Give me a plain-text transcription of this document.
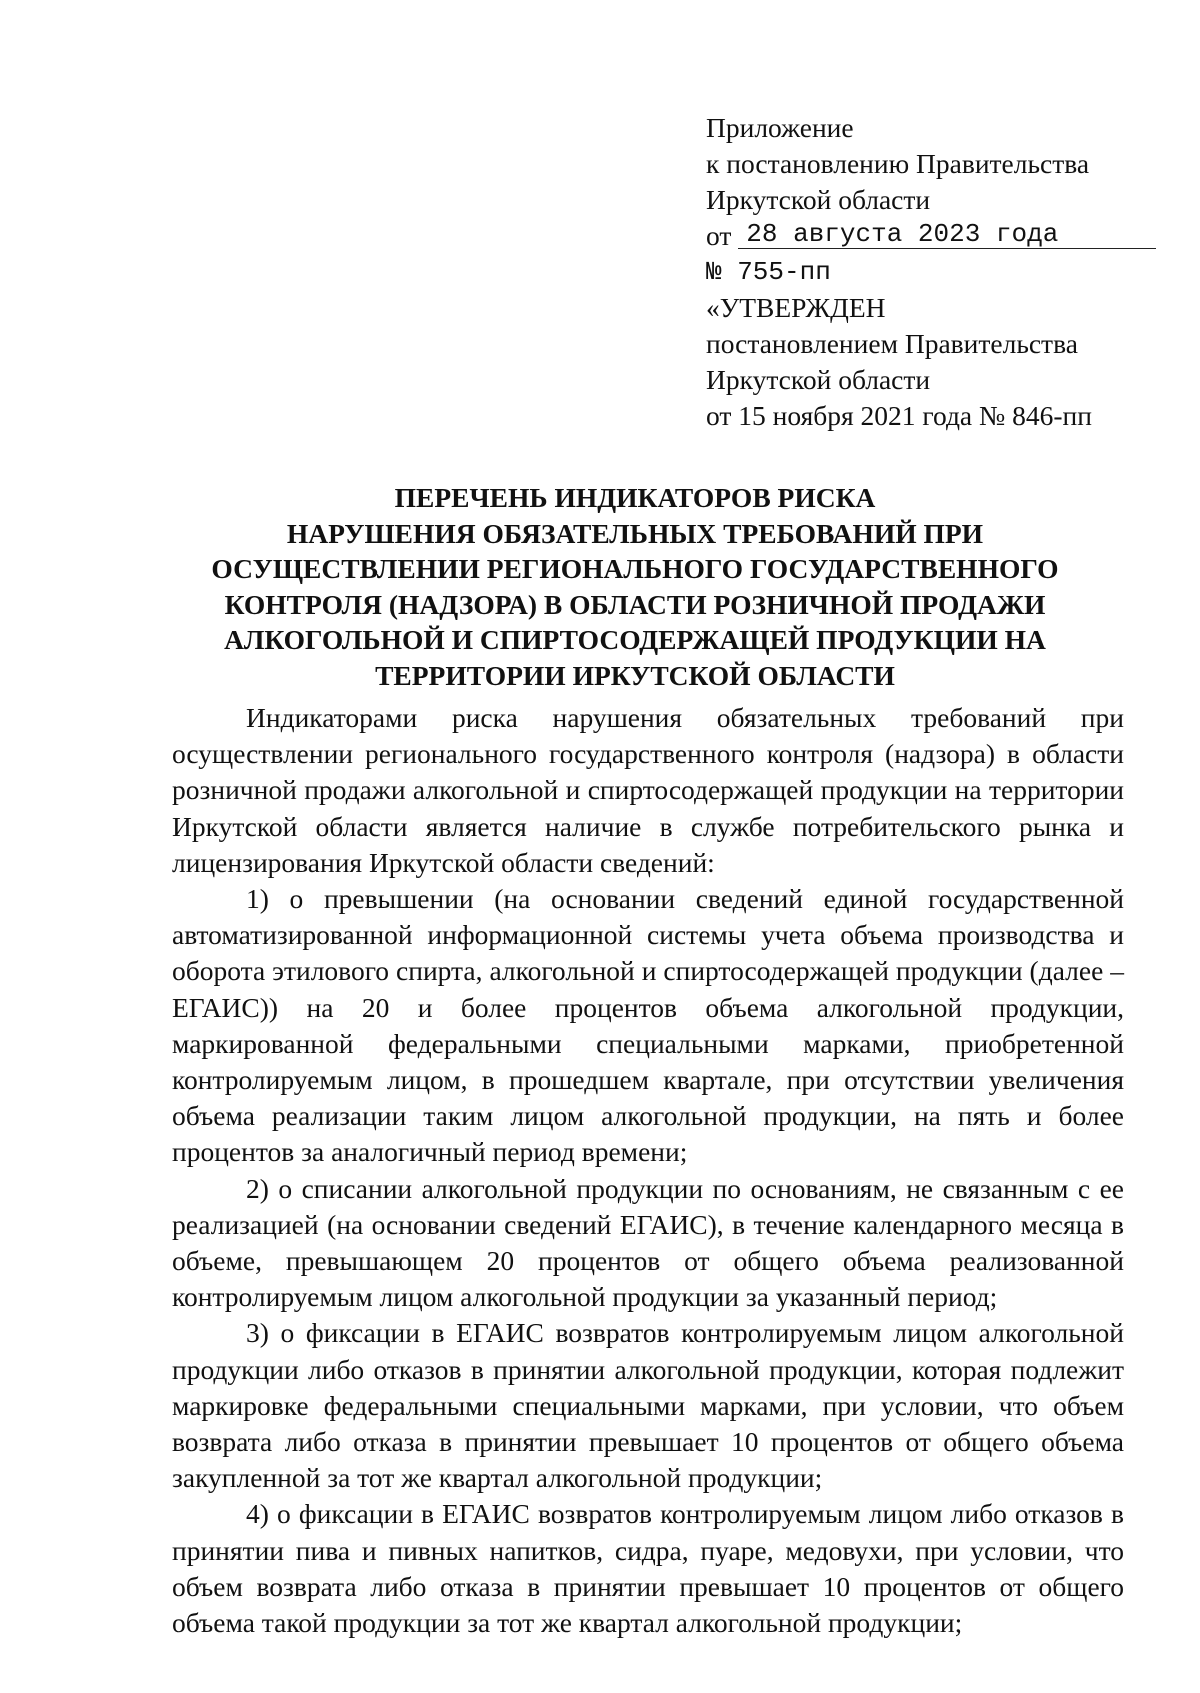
Приложение
к постановлению Правительства
Иркутской области
от 28 августа 2023 года
№ 755-пп
«УТВЕРЖДЕН
постановлением Правительства
Иркутской области
от 15 ноября 2021 года № 846-пп
ПЕРЕЧЕНЬ ИНДИКАТОРОВ РИСКА
НАРУШЕНИЯ ОБЯЗАТЕЛЬНЫХ ТРЕБОВАНИЙ ПРИ
ОСУЩЕСТВЛЕНИИ РЕГИОНАЛЬНОГО ГОСУДАРСТВЕННОГО
КОНТРОЛЯ (НАДЗОРА) В ОБЛАСТИ РОЗНИЧНОЙ ПРОДАЖИ
АЛКОГОЛЬНОЙ И СПИРТОСОДЕРЖАЩЕЙ ПРОДУКЦИИ НА
ТЕРРИТОРИИ ИРКУТСКОЙ ОБЛАСТИ

Индикаторами риска нарушения обязательных требований при осуществлении регионального государственного контроля (надзора) в области розничной продажи алкогольной и спиртосодержащей продукции на территории Иркутской области является наличие в службе потребительского рынка и лицензирования Иркутской области сведений:

1) о превышении (на основании сведений единой государственной автоматизированной информационной системы учета объема производства и оборота этилового спирта, алкогольной и спиртосодержащей продукции (далее – ЕГАИС)) на 20 и более процентов объема алкогольной продукции, маркированной федеральными специальными марками, приобретенной контролируемым лицом, в прошедшем квартале, при отсутствии увеличения объема реализации таким лицом алкогольной продукции, на пять и более процентов за аналогичный период времени;

2) о списании алкогольной продукции по основаниям, не связанным с ее реализацией (на основании сведений ЕГАИС), в течение календарного месяца в объеме, превышающем 20 процентов от общего объема реализованной контролируемым лицом алкогольной продукции за указанный период;

3) о фиксации в ЕГАИС возвратов контролируемым лицом алкогольной продукции либо отказов в принятии алкогольной продукции, которая подлежит маркировке федеральными специальными марками, при условии, что объем возврата либо отказа в принятии превышает 10 процентов от общего объема закупленной за тот же квартал алкогольной продукции;

4) о фиксации в ЕГАИС возвратов контролируемым лицом либо отказов в принятии пива и пивных напитков, сидра, пуаре, медовухи, при условии, что объем возврата либо отказа в принятии превышает 10 процентов от общего объема такой продукции за тот же квартал алкогольной продукции;
